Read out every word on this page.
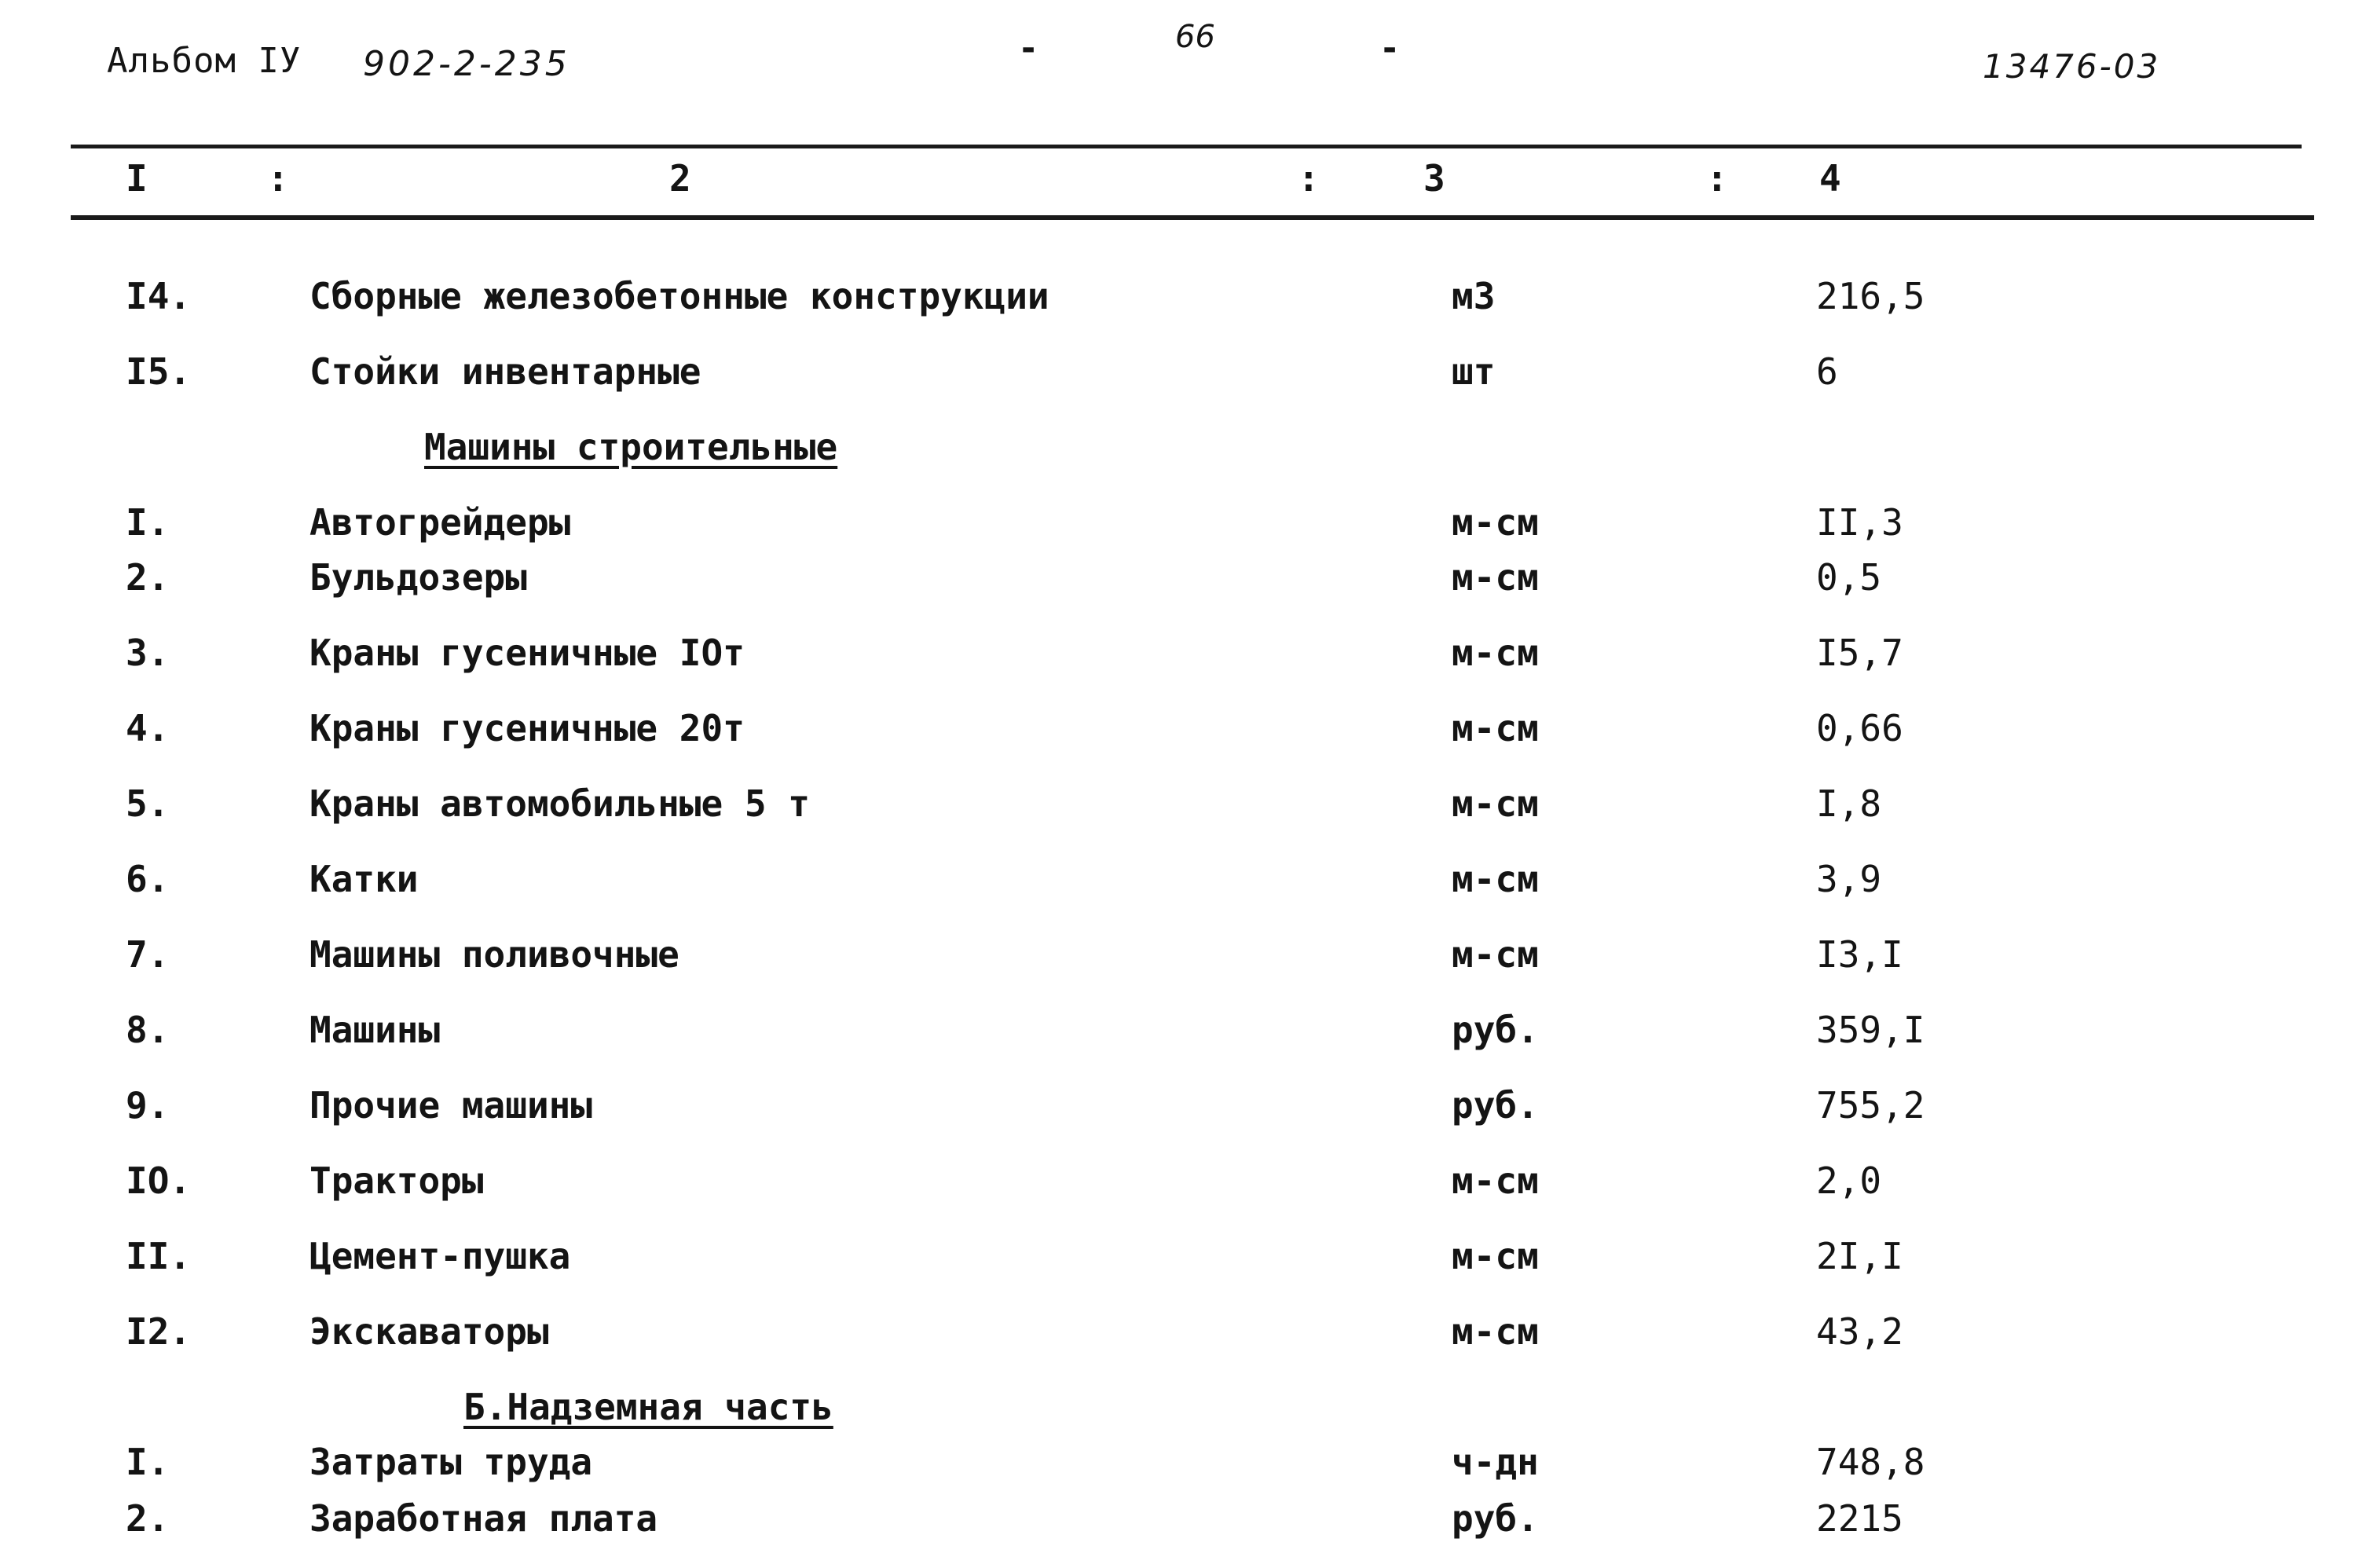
Альбом IУ 902-2-235	-	66	-	13476-03
I	:	2	:	3	:	4
I4.	Сборные железобетонные конструкции	м3	216,5
I5.	Стойки инвентарные	шт	6
Машины строительные
I.	Автогрейдеры	м-см	II,3
2.	Бульдозеры	м-см	0,5
3.	Краны гусеничные IOт	м-см	I5,7
4.	Краны гусеничные 20т	м-см	0,66
5.	Краны автомобильные 5 т	м-см	I,8
6.	Катки	м-см	3,9
7.	Машины поливочные	м-см	I3,I
8.	Машины	руб.	359,I
9.	Прочие машины	руб.	755,2
IO.	Тракторы	м-см	2,0
II.	Цемент-пушка	м-см	2I,I
I2.	Экскаваторы	м-см	43,2
Б.Надземная часть
I.	Затраты труда	ч-дн	748,8
2.	Заработная плата	руб.	2215
